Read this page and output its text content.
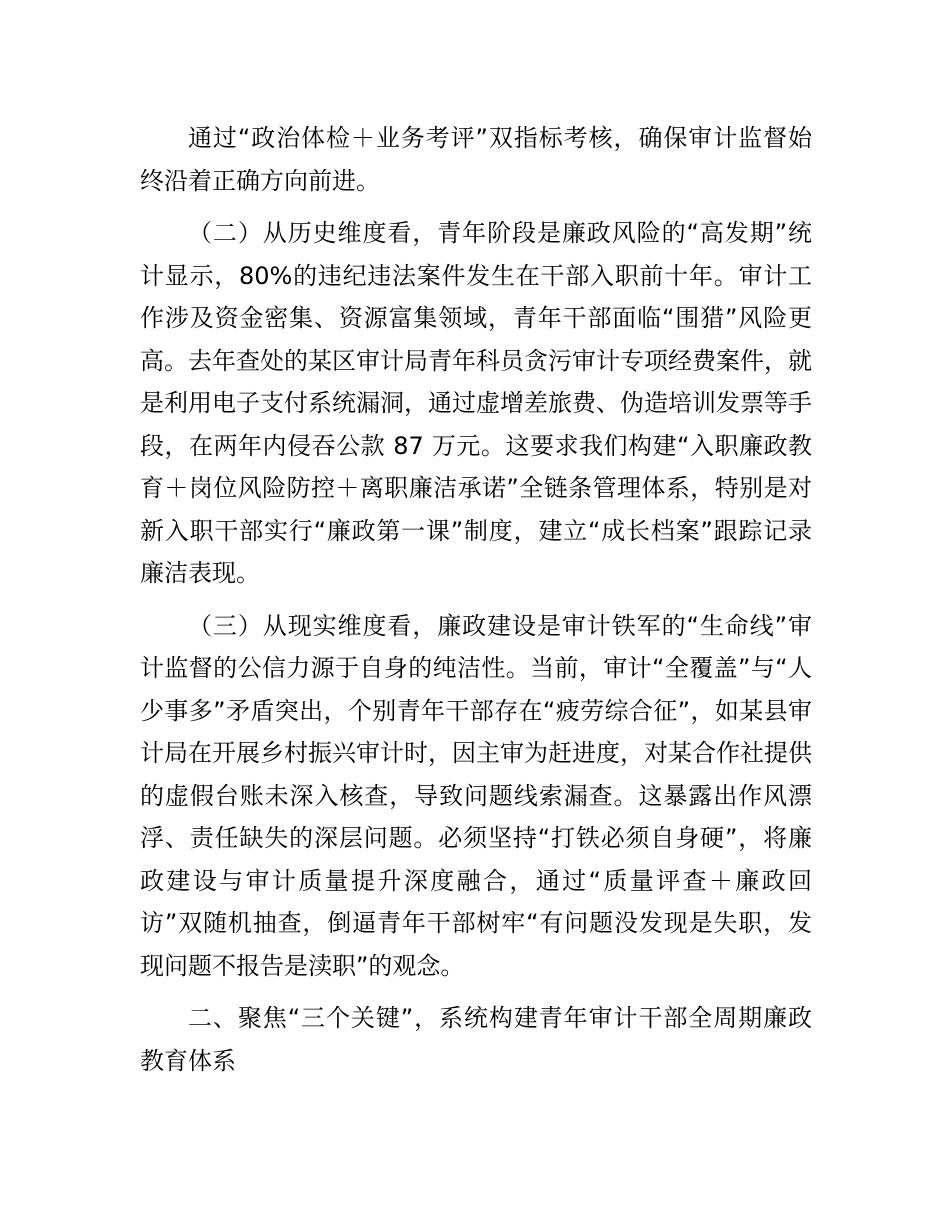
通过“政治体检＋业务考评”双指标考核，确保审计监督始终沿着正确方向前进。

（二）从历史维度看，青年阶段是廉政风险的“高发期”统计显示，80%的违纪违法案件发生在干部入职前十年。审计工作涉及资金密集、资源富集领域，青年干部面临“围猎”风险更高。去年查处的某区审计局青年科员贪污审计专项经费案件，就是利用电子支付系统漏洞，通过虚增差旅费、伪造培训发票等手段，在两年内侵吞公款 87 万元。这要求我们构建“入职廉政教育＋岗位风险防控＋离职廉洁承诺”全链条管理体系，特别是对新入职干部实行“廉政第一课”制度，建立“成长档案”跟踪记录廉洁表现。

（三）从现实维度看，廉政建设是审计铁军的“生命线”审计监督的公信力源于自身的纯洁性。当前，审计“全覆盖”与“人少事多”矛盾突出，个别青年干部存在“疲劳综合征”，如某县审计局在开展乡村振兴审计时，因主审为赶进度，对某合作社提供的虚假台账未深入核查，导致问题线索漏查。这暴露出作风漂浮、责任缺失的深层问题。必须坚持“打铁必须自身硬”，将廉政建设与审计质量提升深度融合，通过“质量评查＋廉政回访”双随机抽查，倒逼青年干部树牢“有问题没发现是失职，发现问题不报告是渎职”的观念。

二、聚焦“三个关键”，系统构建青年审计干部全周期廉政教育体系
